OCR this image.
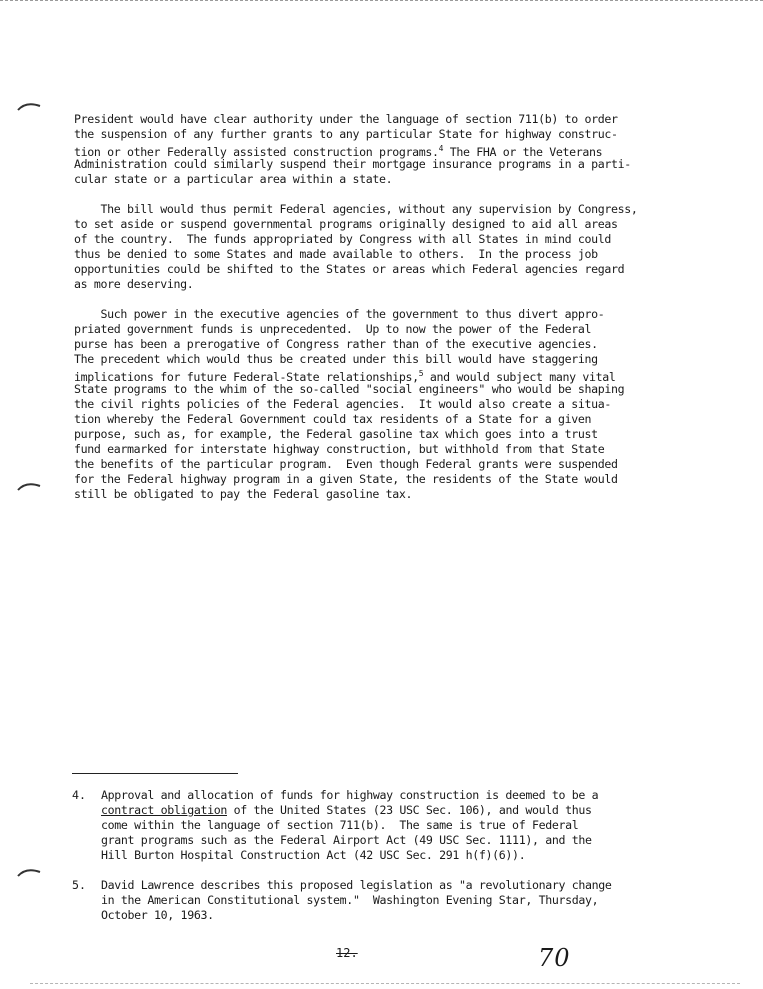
President would have clear authority under the language of section 711(b) to order
the suspension of any further grants to any particular State for highway construc-
tion or other Federally assisted construction programs.$^4$ The FHA or the Veterans
Administration could similarly suspend their mortgage insurance programs in a parti-
cular state or a particular area within a state.
The bill would thus permit Federal agencies, without any supervision by Congress,
to set aside or suspend governmental programs originally designed to aid all areas
of the country.  The funds appropriated by Congress with all States in mind could
thus be denied to some States and made available to others.  In the process job
opportunities could be shifted to the States or areas which Federal agencies regard
as more deserving.
Such power in the executive agencies of the government to thus divert appro-
priated government funds is unprecedented.  Up to now the power of the Federal
purse has been a prerogative of Congress rather than of the executive agencies.
The precedent which would thus be created under this bill would have staggering
implications for future Federal-State relationships,$^5$ and would subject many vital
State programs to the whim of the so-called "social engineers" who would be shaping
the civil rights policies of the Federal agencies.  It would also create a situa-
tion whereby the Federal Government could tax residents of a State for a given
purpose, such as, for example, the Federal gasoline tax which goes into a trust
fund earmarked for interstate highway construction, but withhold from that State
the benefits of the particular program.  Even though Federal grants were suspended
for the Federal highway program in a given State, the residents of the State would
still be obligated to pay the Federal gasoline tax.
4. Approval and allocation of funds for highway construction is deemed to be a
contract obligation of the United States (23 USC Sec. 106), and would thus
come within the language of section 711(b).  The same is true of Federal
grant programs such as the Federal Airport Act (49 USC Sec. 1111), and the
Hill Burton Hospital Construction Act (42 USC Sec. 291 h(f)(6)).
5. David Lawrence describes this proposed legislation as "a revolutionary change
in the American Constitutional system."  Washington Evening Star, Thursday,
October 10, 1963.
12.	70
